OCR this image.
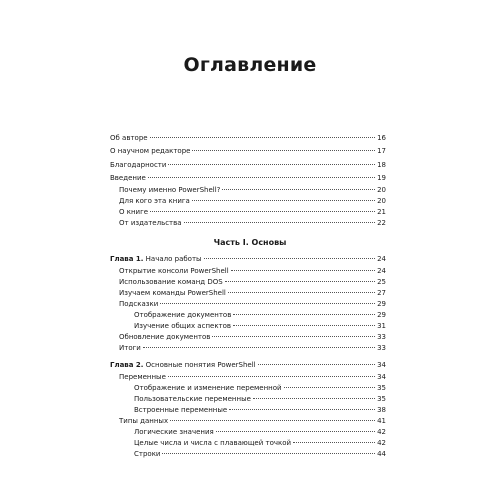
Оглавление
Об авторе	16
О научном редакторе	17
Благодарности	18
Введение	19
Почему именно PowerShell?	20
Для кого эта книга	20
О книге	21
От издательства	22
Часть I. Основы
Глава 1. Начало работы	24
Открытие консоли PowerShell	24
Использование команд DOS	25
Изучаем команды PowerShell	27
Подсказки	29
Отображение документов	29
Изучение общих аспектов	31
Обновление документов	33
Итоги	33
Глава 2. Основные понятия PowerShell	34
Переменные	34
Отображение и изменение переменной	35
Пользовательские переменные	35
Встроенные переменные	38
Типы данных	41
Логические значения	42
Целые числа и числа с плавающей точкой	42
Строки	44
